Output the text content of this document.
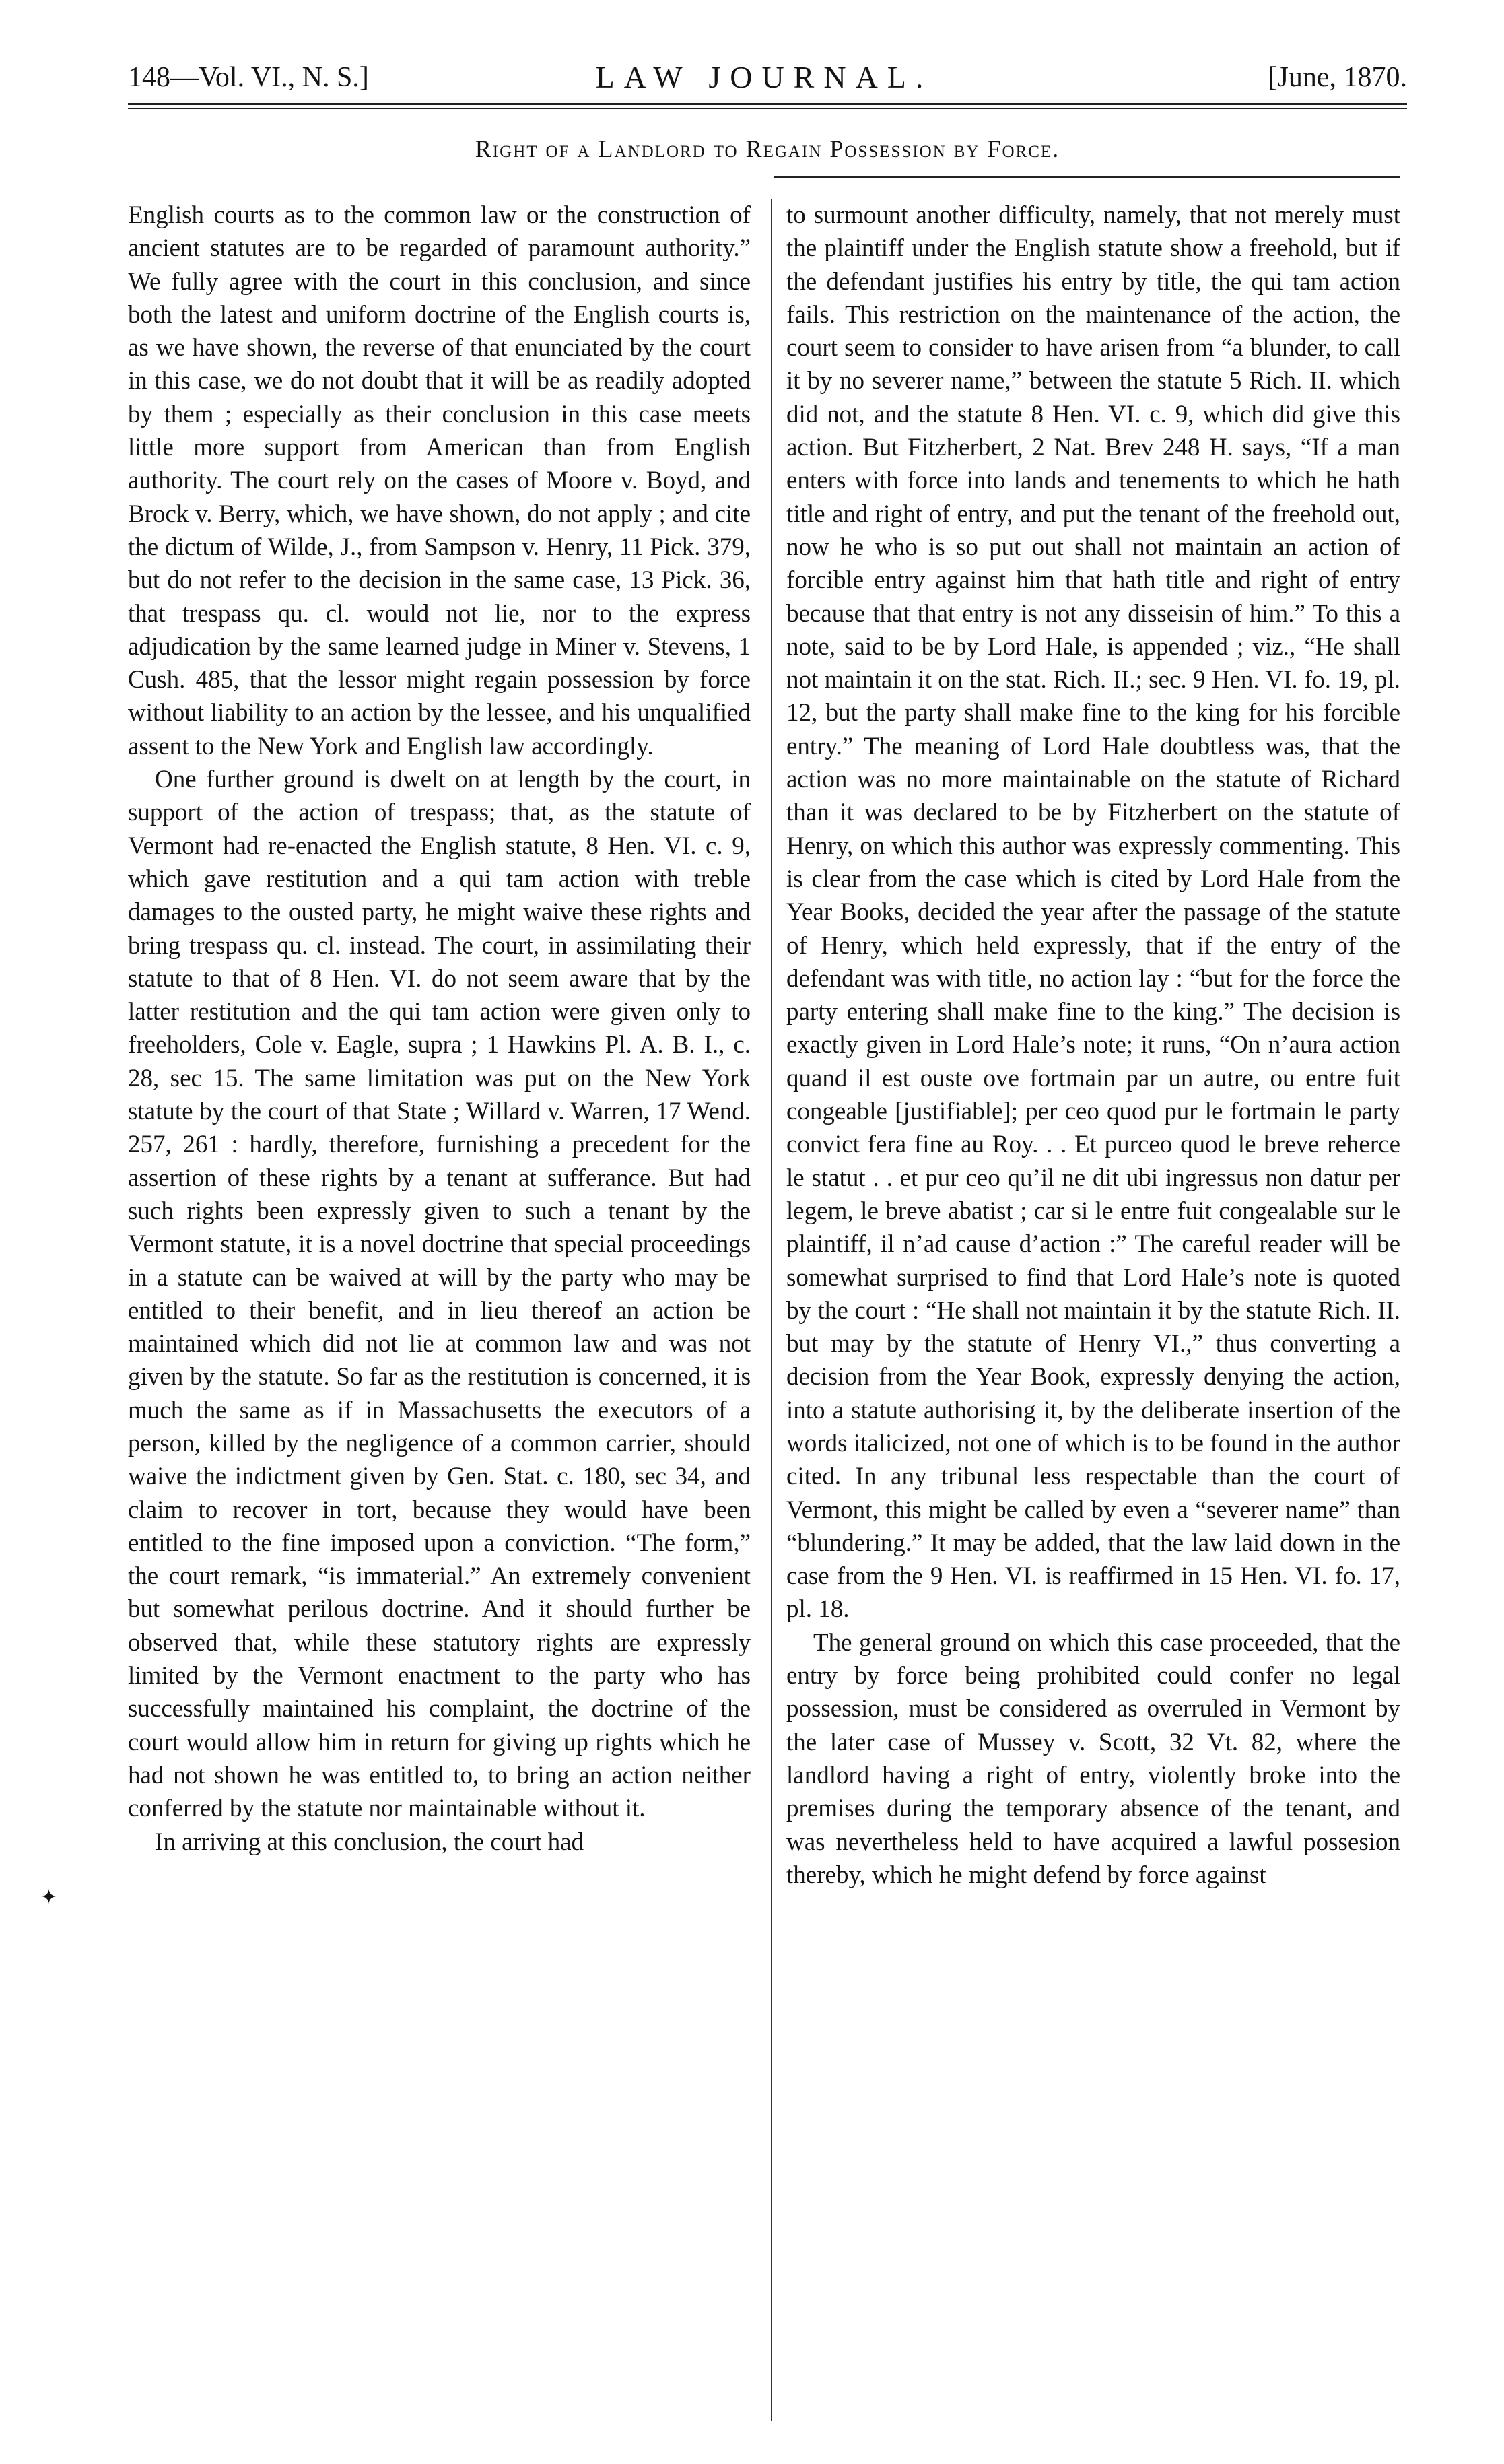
148—Vol. VI., N. S.]	LAW JOURNAL.	[June, 1870.
Right of a Landlord to Regain Possession by Force.

English courts as to the common law or the construction of ancient statutes are to be regarded of paramount authority.” We fully agree with the court in this conclusion, and since both the latest and uniform doctrine of the English courts is, as we have shown, the reverse of that enunciated by the court in this case, we do not doubt that it will be as readily adopted by them ; especially as their conclusion in this case meets little more support from American than from English authority. The court rely on the cases of Moore v. Boyd, and Brock v. Berry, which, we have shown, do not apply ; and cite the dictum of Wilde, J., from Sampson v. Henry, 11 Pick. 379, but do not refer to the decision in the same case, 13 Pick. 36, that trespass qu. cl. would not lie, nor to the express adjudication by the same learned judge in Miner v. Stevens, 1 Cush. 485, that the lessor might regain possession by force without liability to an action by the lessee, and his unqualified assent to the New York and English law accordingly.

One further ground is dwelt on at length by the court, in support of the action of trespass; that, as the statute of Vermont had re-enacted the English statute, 8 Hen. VI. c. 9, which gave restitution and a qui tam action with treble damages to the ousted party, he might waive these rights and bring trespass qu. cl. instead. The court, in assimilating their statute to that of 8 Hen. VI. do not seem aware that by the latter restitution and the qui tam action were given only to freeholders, Cole v. Eagle, supra ; 1 Hawkins Pl. A. B. I., c. 28, sec 15. The same limitation was put on the New York statute by the court of that State ; Willard v. Warren, 17 Wend. 257, 261 : hardly, therefore, furnishing a precedent for the assertion of these rights by a tenant at sufferance. But had such rights been expressly given to such a tenant by the Vermont statute, it is a novel doctrine that special proceedings in a statute can be waived at will by the party who may be entitled to their benefit, and in lieu thereof an action be maintained which did not lie at common law and was not given by the statute. So far as the restitution is concerned, it is much the same as if in Massachusetts the executors of a person, killed by the negligence of a common carrier, should waive the indictment given by Gen. Stat. c. 180, sec 34, and claim to recover in tort, because they would have been entitled to the fine imposed upon a conviction. “The form,” the court remark, “is immaterial.” An extremely convenient but somewhat perilous doctrine. And it should further be observed that, while these statutory rights are expressly limited by the Vermont enactment to the party who has successfully maintained his complaint, the doctrine of the court would allow him in return for giving up rights which he had not shown he was entitled to, to bring an action neither conferred by the statute nor maintainable without it.

In arriving at this conclusion, the court had

to surmount another difficulty, namely, that not merely must the plaintiff under the English statute show a freehold, but if the defendant justifies his entry by title, the qui tam action fails. This restriction on the maintenance of the action, the court seem to consider to have arisen from “a blunder, to call it by no severer name,” between the statute 5 Rich. II. which did not, and the statute 8 Hen. VI. c. 9, which did give this action. But Fitzherbert, 2 Nat. Brev 248 H. says, “If a man enters with force into lands and tenements to which he hath title and right of entry, and put the tenant of the freehold out, now he who is so put out shall not maintain an action of forcible entry against him that hath title and right of entry because that that entry is not any disseisin of him.” To this a note, said to be by Lord Hale, is appended ; viz., “He shall not maintain it on the stat. Rich. II.; sec. 9 Hen. VI. fo. 19, pl. 12, but the party shall make fine to the king for his forcible entry.” The meaning of Lord Hale doubtless was, that the action was no more maintainable on the statute of Richard than it was declared to be by Fitzherbert on the statute of Henry, on which this author was expressly commenting. This is clear from the case which is cited by Lord Hale from the Year Books, decided the year after the passage of the statute of Henry, which held expressly, that if the entry of the defendant was with title, no action lay : “but for the force the party entering shall make fine to the king.” The decision is exactly given in Lord Hale’s note; it runs, “On n’aura action quand il est ouste ove fortmain par un autre, ou entre fuit congeable [justifiable]; per ceo quod pur le fortmain le party convict fera fine au Roy. . . Et purceo quod le breve reherce le statut . . et pur ceo qu’il ne dit ubi ingressus non datur per legem, le breve abatist ; car si le entre fuit congealable sur le plaintiff, il n’ad cause d’action :” The careful reader will be somewhat surprised to find that Lord Hale’s note is quoted by the court : “He shall not maintain it by the statute Rich. II. but may by the statute of Henry VI.,” thus converting a decision from the Year Book, expressly denying the action, into a statute authorising it, by the deliberate insertion of the words italicized, not one of which is to be found in the author cited. In any tribunal less respectable than the court of Vermont, this might be called by even a “severer name” than “blundering.” It may be added, that the law laid down in the case from the 9 Hen. VI. is reaffirmed in 15 Hen. VI. fo. 17, pl. 18.

The general ground on which this case proceeded, that the entry by force being prohibited could confer no legal possession, must be considered as overruled in Vermont by the later case of Mussey v. Scott, 32 Vt. 82, where the landlord having a right of entry, violently broke into the premises during the temporary absence of the tenant, and was nevertheless held to have acquired a lawful possesion thereby, which he might defend by force against

✦
